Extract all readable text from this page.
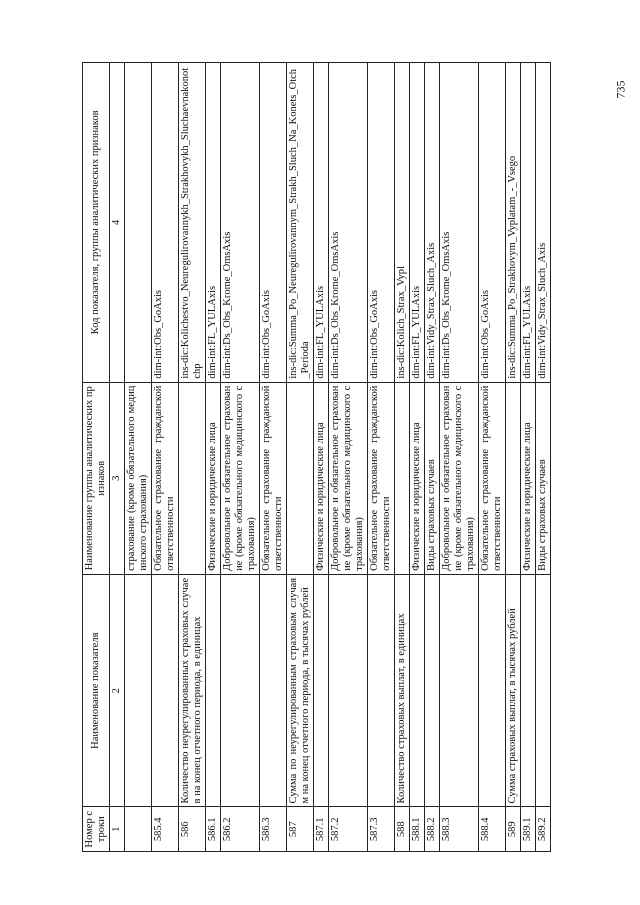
735
Номер строки	Наименование показателя	Наименование группы аналитических признаков	Код показателя, группы аналитических признаков
1	2	3	4
		страхование (кроме обязательного медицинского страхования)	
585.4		Обязательное страхование гражданской ответственности	dim-int:Obs_GoAxis
586	Количество неурегулированных страховых случаев на конец отчетного периода, в единицах		ins-dic:Kolichestvo_Neuregulirovannykh_Strakhovykh_Sluchaevnakonotchp
586.1		Физические и юридические лица	dim-int:FL_YULAxis
586.2		Добровольное и обязательное страхование (кроме обязательного медицинского страхования)	dim-int:Ds_Obs_Krome_OmsAxis
586.3		Обязательное страхование гражданской ответственности	dim-int:Obs_GoAxis
587	Сумма по неурегулированным страховым случаям на конец отчетного периода, в тысячах рублей		ins-dic:Summa_Po_Neuregulirovannym_Strakh_Sluch_Na_Konets_Otch_Perioda
587.1		Физические и юридические лица	dim-int:FL_YULAxis
587.2		Добровольное и обязательное страхование (кроме обязательного медицинского страхования)	dim-int:Ds_Obs_Krome_OmsAxis
587.3		Обязательное страхование гражданской ответственности	dim-int:Obs_GoAxis
588	Количество страховых выплат, в единицах		ins-dic:Kolich_Strax_Vypl
588.1		Физические и юридические лица	dim-int:FL_YULAxis
588.2		Виды страховых случаев	dim-int:Vidy_Strax_Sluch_Axis
588.3		Добровольное и обязательное страхование (кроме обязательного медицинского страхования)	dim-int:Ds_Obs_Krome_OmsAxis
588.4		Обязательное страхование гражданской ответственности	dim-int:Obs_GoAxis
589	Сумма страховых выплат, в тысячах рублей		ins-dic:Summa_Po_Strakhovym_Vyplatam_-_Vsego
589.1		Физические и юридические лица	dim-int:FL_YULAxis
589.2		Виды страховых случаев	dim-int:Vidy_Strax_Sluch_Axis
